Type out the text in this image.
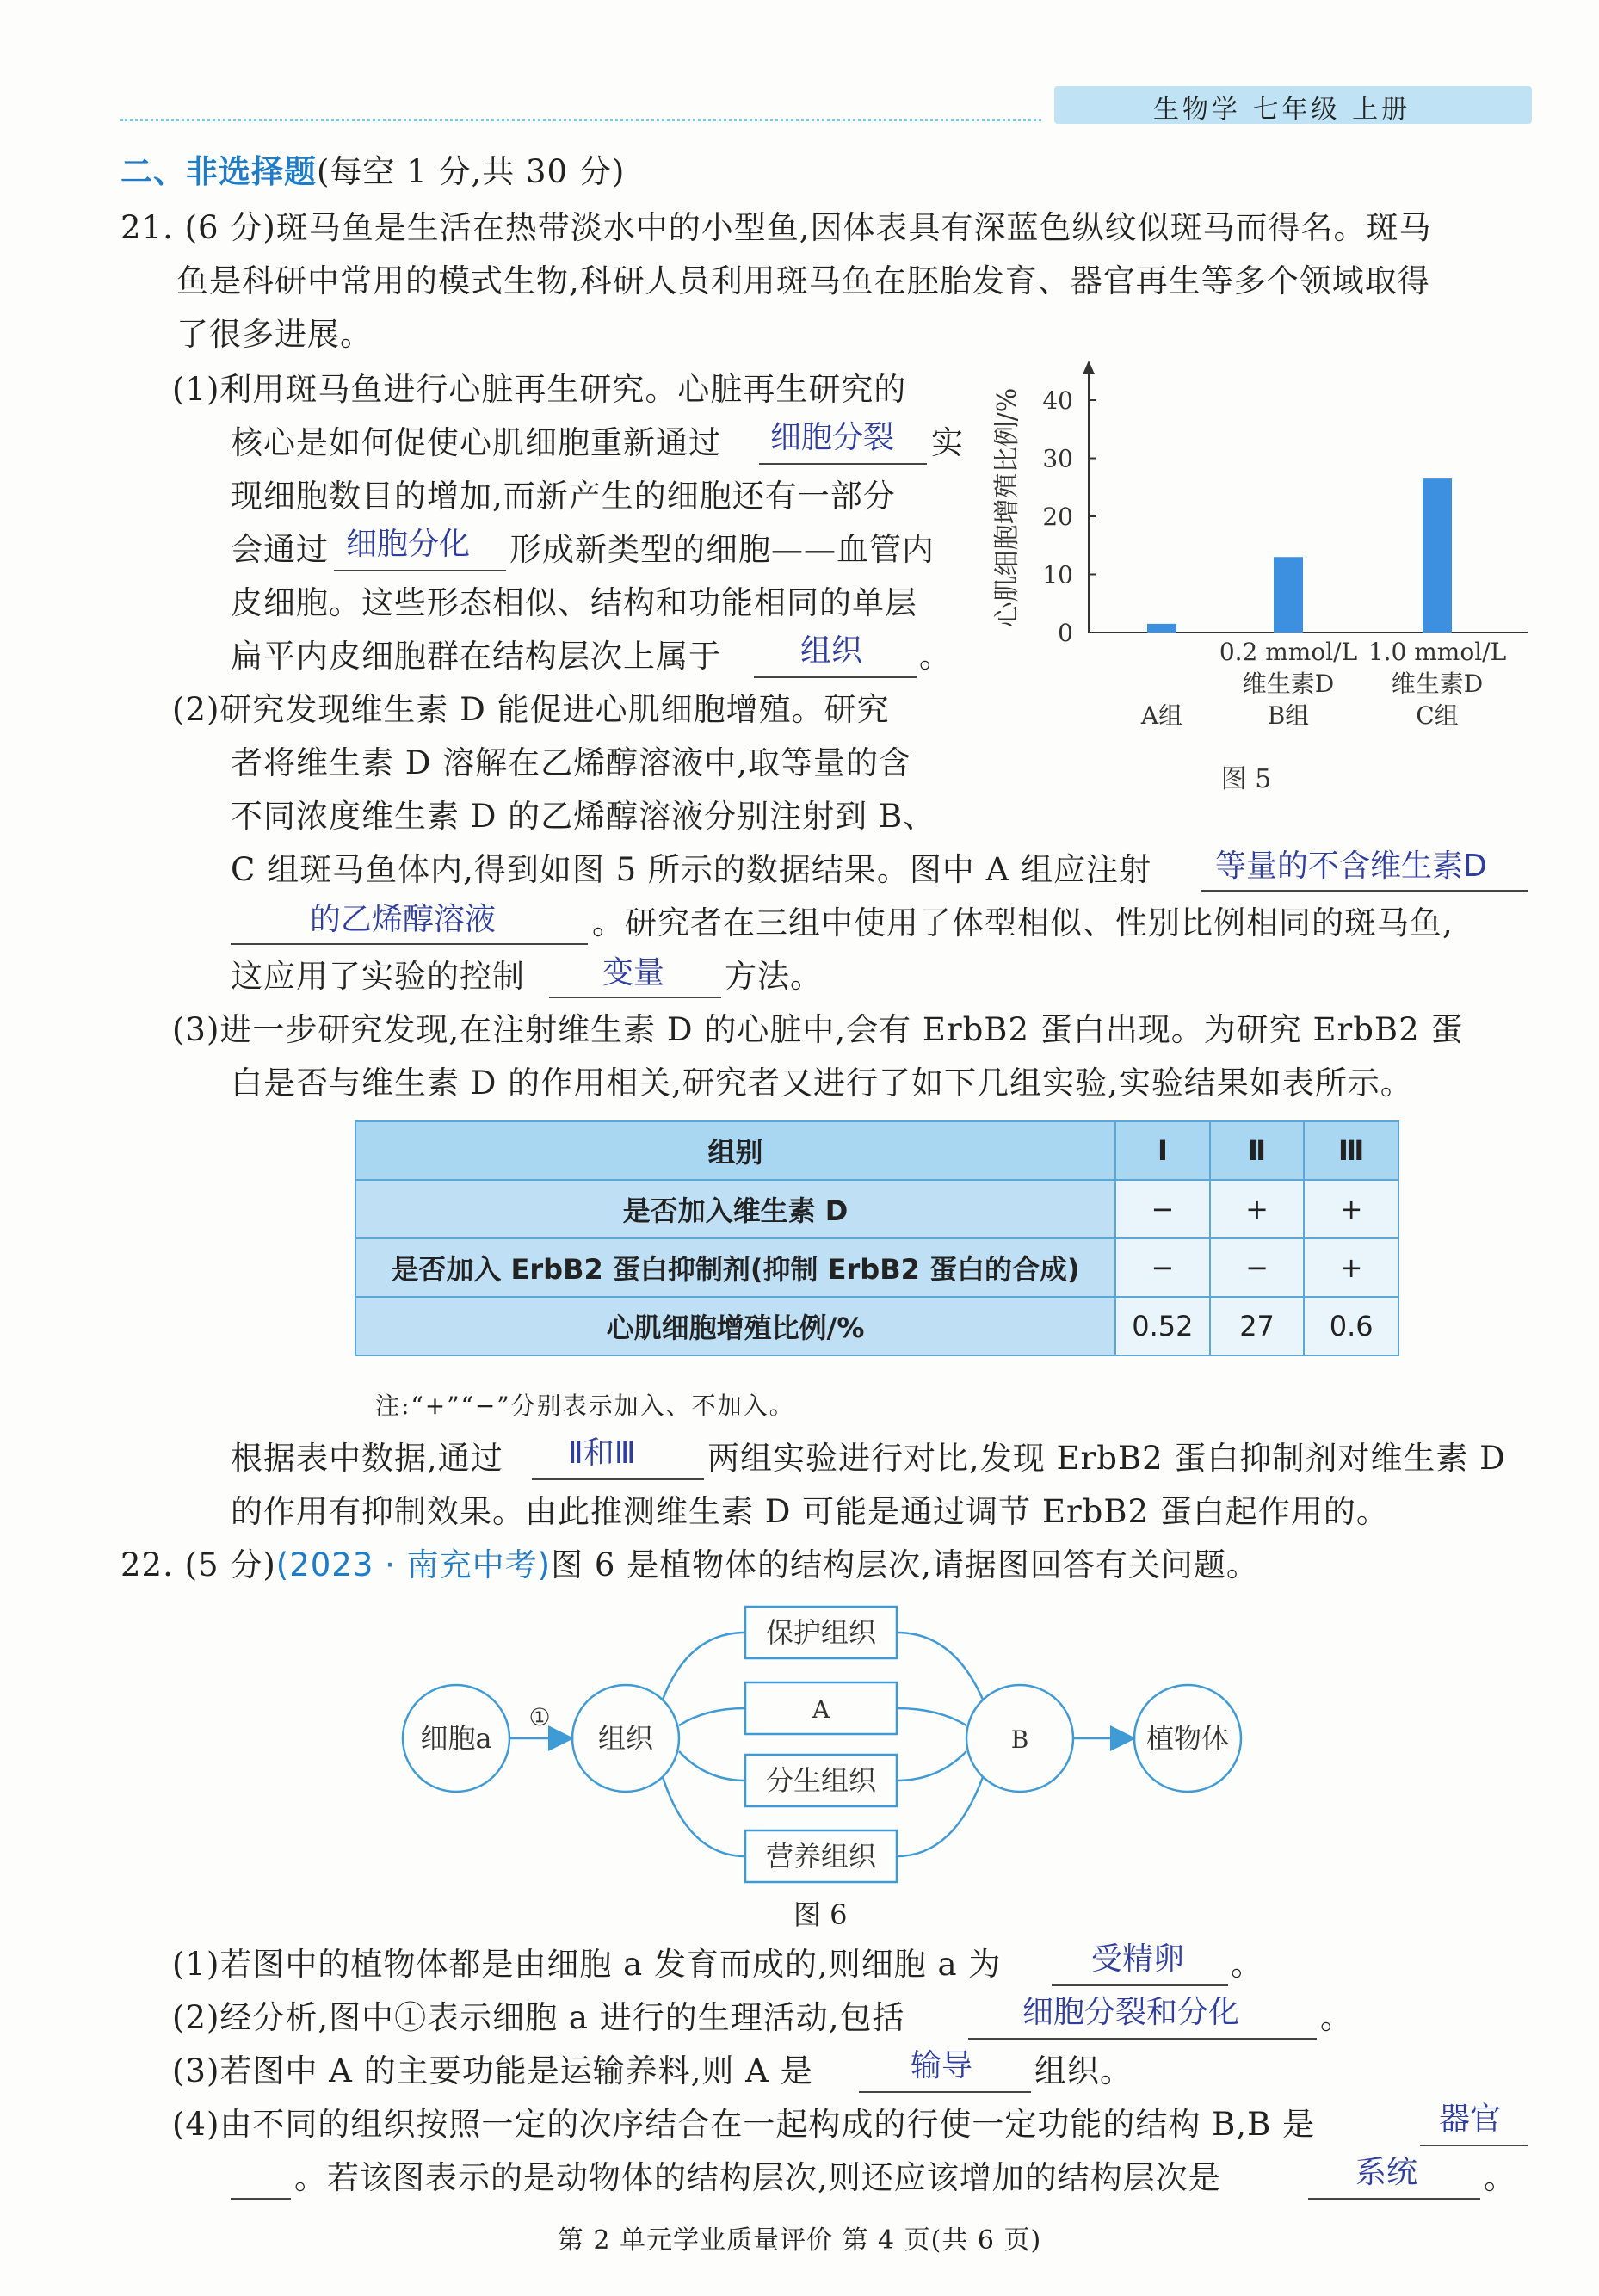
生物学 七年级 上册
二、非选择题(每空 1 分,共 30 分)
21. (6 分)斑马鱼是生活在热带淡水中的小型鱼,因体表具有深蓝色纵纹似斑马而得名。斑马
鱼是科研中常用的模式生物,科研人员利用斑马鱼在胚胎发育、器官再生等多个领域取得
了很多进展。
(1)利用斑马鱼进行心脏再生研究。心脏再生研究的
核心是如何促使心肌细胞重新通过 细胞分裂 实
现细胞数目的增加,而新产生的细胞还有一部分
会通过 细胞分化 形成新类型的细胞——血管内
皮细胞。这些形态相似、结构和功能相同的单层
扁平内皮细胞群在结构层次上属于	组织 。
0
10
20
30
40
心肌细胞增殖比例/%
A组
0.2 mmol/L
维生素D
B组
1.0 mmol/L
维生素D
C组
图 5
(2)研究发现维生素 D 能促进心肌细胞增殖。研究
者将维生素 D 溶解在乙烯醇溶液中,取等量的含
不同浓度维生素 D 的乙烯醇溶液分别注射到 B、
C 组斑马鱼体内,得到如图 5 所示的数据结果。图中 A 组应注射 等量的不含维生素D
的乙烯醇溶液	。研究者在三组中使用了体型相似、性别比例相同的斑马鱼,
这应用了实验的控制	变量 方法。
(3)进一步研究发现,在注射维生素 D 的心脏中,会有 ErbB2 蛋白出现。为研究 ErbB2 蛋
白是否与维生素 D 的作用相关,研究者又进行了如下几组实验,实验结果如表所示。
组别	Ⅰ	Ⅱ	Ⅲ
是否加入维生素 D	−	+	+
是否加入 ErbB2 蛋白抑制剂(抑制 ErbB2 蛋白的合成)	−	−	+
心肌细胞增殖比例/%	0.52	27	0.6
注:“+”“−”分别表示加入、不加入。
根据表中数据,通过 Ⅱ和Ⅲ 两组实验进行对比,发现 ErbB2 蛋白抑制剂对维生素 D
的作用有抑制效果。由此推测维生素 D 可能是通过调节 ErbB2 蛋白起作用的。
22. (5 分)(2023 · 南充中考)图 6 是植物体的结构层次,请据图回答有关问题。
细胞a
①
组织
保护组织
A
分生组织
营养组织
B	植物体
图 6
(1)若图中的植物体都是由细胞 a 发育而成的,则细胞 a 为	受精卵 。
(2)经分析,图中①表示细胞 a 进行的生理活动,包括	细胞分裂和分化	。
(3)若图中 A 的主要功能是运输养料,则 A 是	输导 组织。
(4)由不同的组织按照一定的次序结合在一起构成的行使一定功能的结构 B,B 是	器官
。若该图表示的是动物体的结构层次,则还应该增加的结构层次是	系统 。
第 2 单元学业质量评价 第 4 页(共 6 页)
